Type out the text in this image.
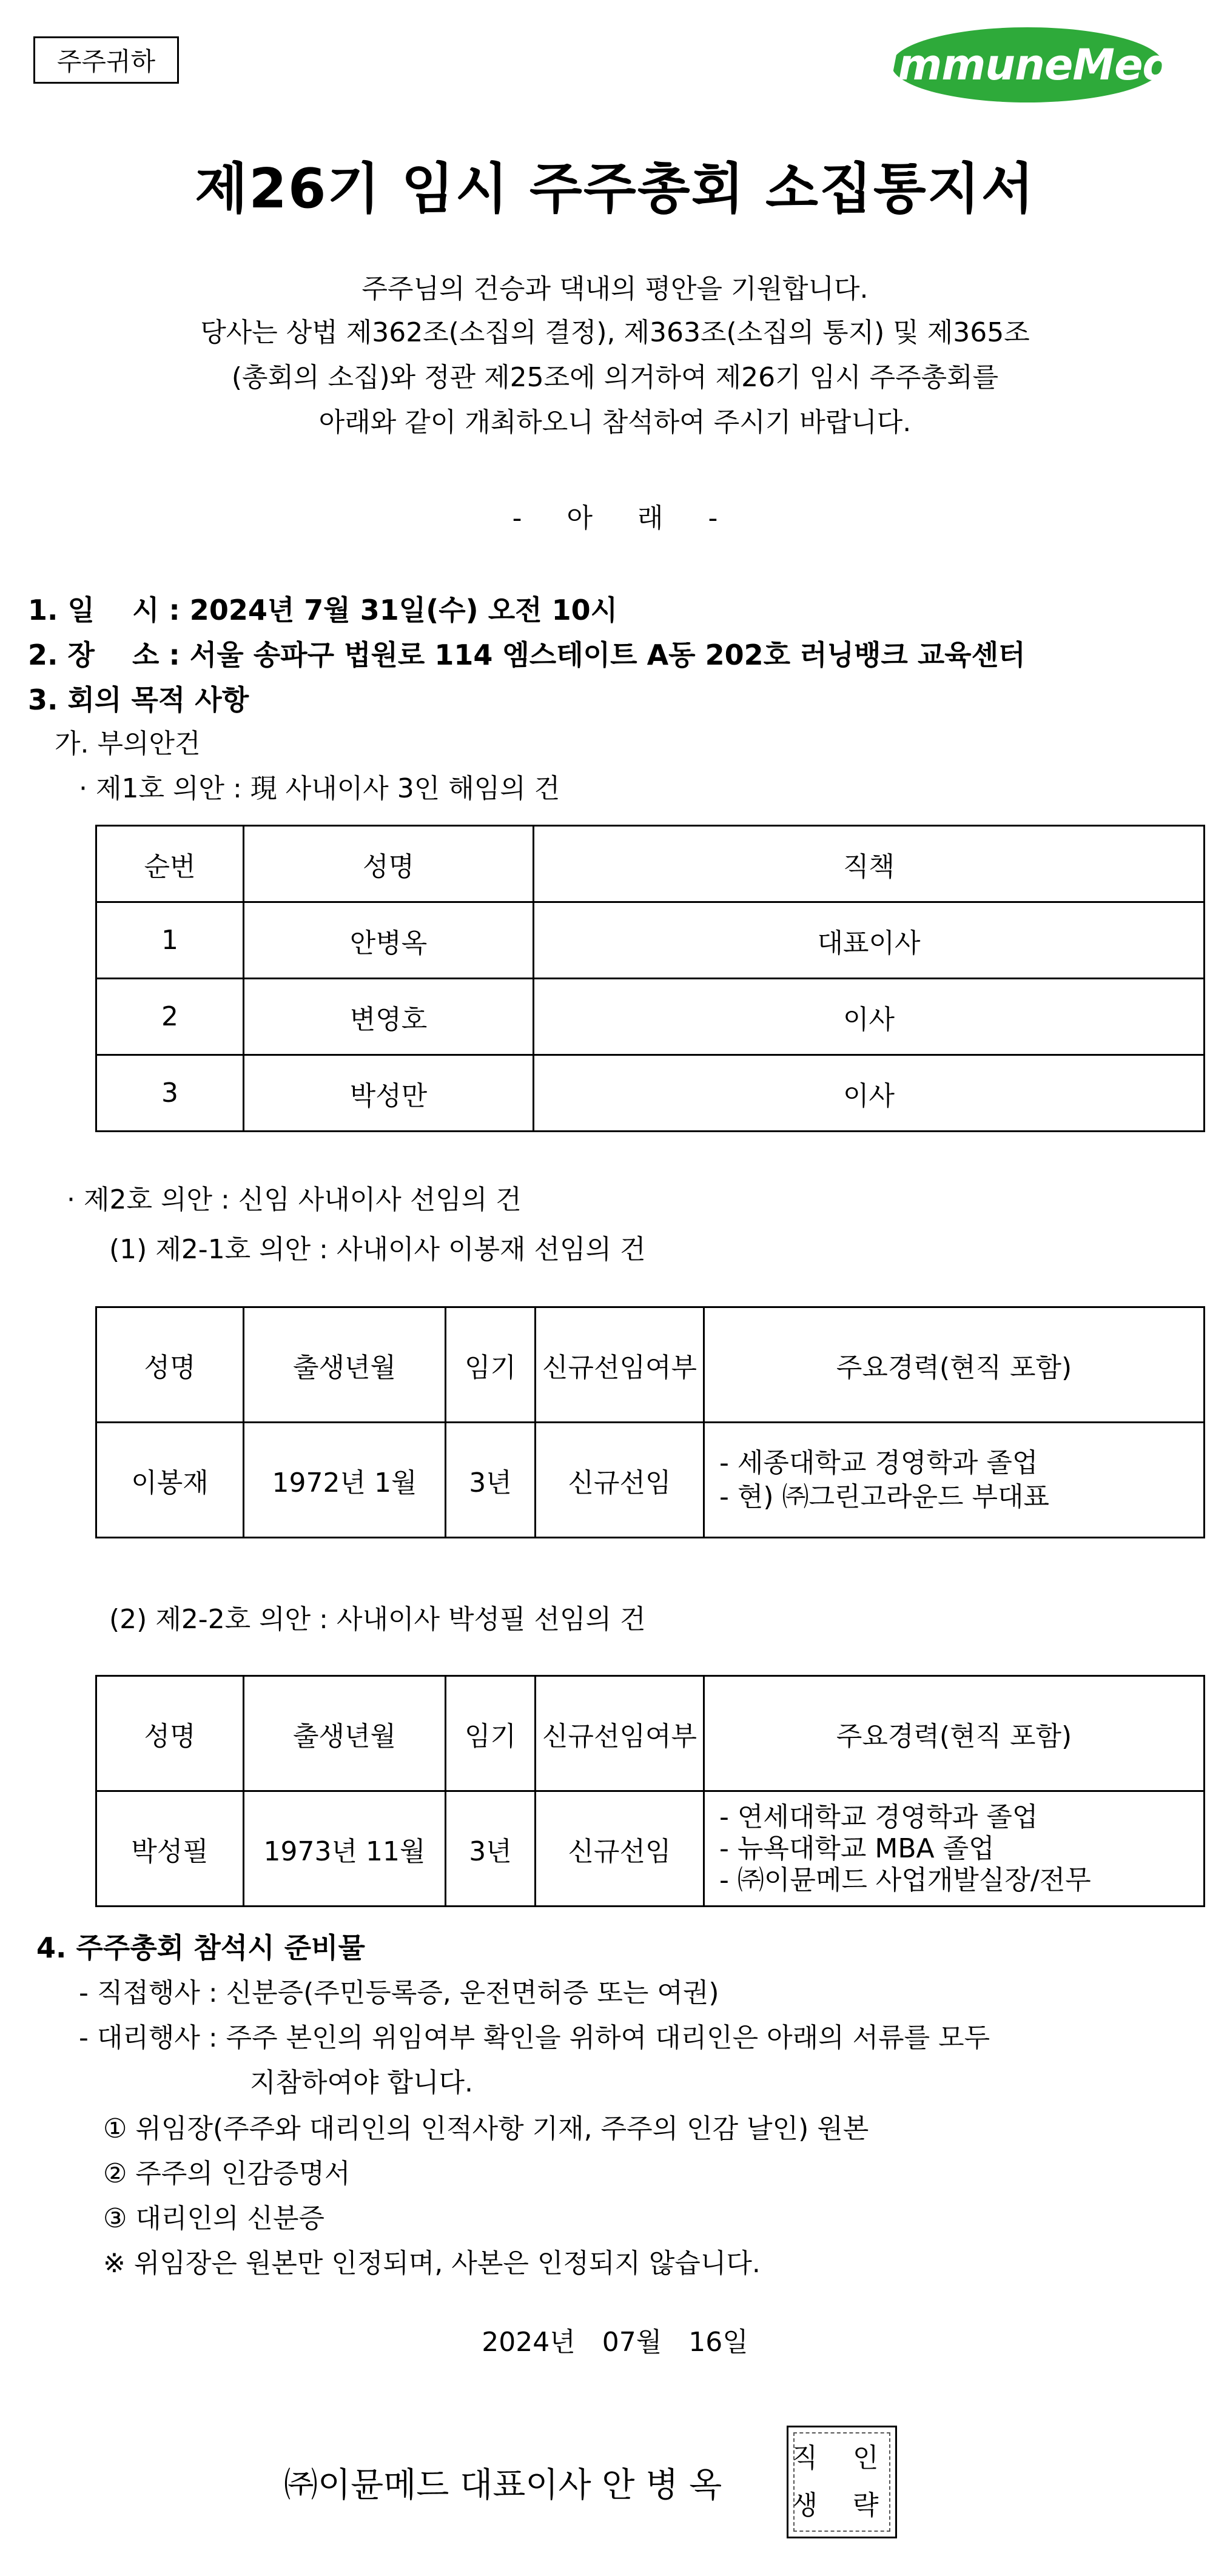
주주귀하	ImmuneMed
제26기 임시 주주총회 소집통지서
주주님의 건승과 댁내의 평안을 기원합니다.
당사는 상법 제362조(소집의 결정), 제363조(소집의 통지) 및 제365조
(총회의 소집)와 정관 제25조에 의거하여 제26기 임시 주주총회를
아래와 같이 개최하오니 참석하여 주시기 바랍니다.
- 아 래 -
1. 일　 시 : 2024년 7월 31일(수) 오전 10시
2. 장　 소 : 서울 송파구 법원로 114 엠스테이트 A동 202호 러닝뱅크 교육센터
3. 회의 목적 사항
가. 부의안건
· 제1호 의안 : 現 사내이사 3인 해임의 건
순번	성명	직책
1	안병옥	대표이사
2	변영호	이사
3	박성만	이사
· 제2호 의안 : 신임 사내이사 선임의 건
(1) 제2-1호 의안 : 사내이사 이봉재 선임의 건
성명	출생년월	임기	신규선임여부	주요경력(현직 포함)
이봉재	1972년 1월	3년	신규선임	- 세종대학교 경영학과 졸업
- 현) ㈜그린고라운드 부대표
(2) 제2-2호 의안 : 사내이사 박성필 선임의 건
성명	출생년월	임기	신규선임여부	주요경력(현직 포함)
박성필	1973년 11월	3년	신규선임	- 연세대학교 경영학과 졸업
- 뉴욕대학교 MBA 졸업
- ㈜이뮨메드 사업개발실장/전무
4. 주주총회 참석시 준비물
- 직접행사 : 신분증(주민등록증, 운전면허증 또는 여권)
- 대리행사 : 주주 본인의 위임여부 확인을 위하여 대리인은 아래의 서류를 모두
지참하여야 합니다.
① 위임장(주주와 대리인의 인적사항 기재, 주주의 인감 날인) 원본
② 주주의 인감증명서
③ 대리인의 신분증
※ 위임장은 원본만 인정되며, 사본은 인정되지 않습니다.
2024년　07월　16일
㈜이뮨메드 대표이사 안 병 옥
직 인
생 략
